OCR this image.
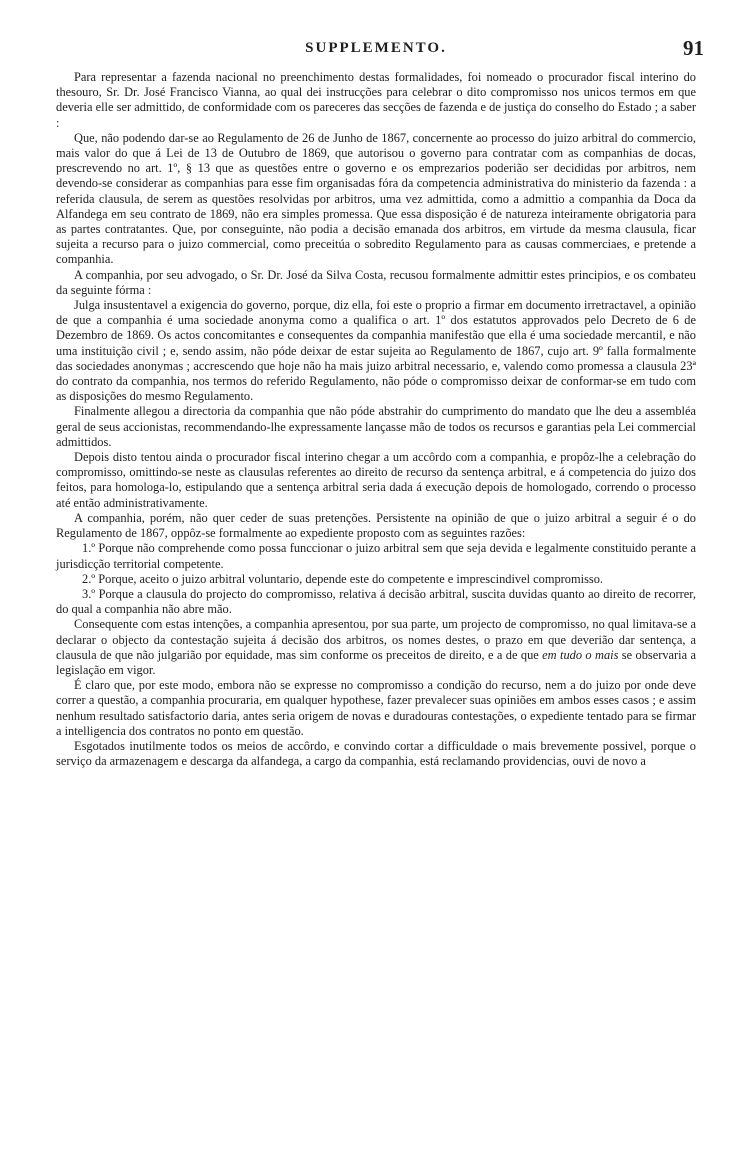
SUPPLEMENTO.	91

Para representar a fazenda nacional no preenchimento destas formalidades, foi nomeado o procurador fiscal interino do thesouro, Sr. Dr. José Francisco Vianna, ao qual dei instrucções para celebrar o dito compromisso nos unicos termos em que deveria elle ser admittido, de conformidade com os pareceres das secções de fazenda e de justiça do conselho do Estado ; a saber :

Que, não podendo dar-se ao Regulamento de 26 de Junho de 1867, concernente ao processo do juizo arbitral do commercio, mais valor do que á Lei de 13 de Outubro de 1869, que autorisou o governo para contratar com as companhias de docas, prescrevendo no art. 1º, § 13 que as questões entre o governo e os emprezarios poderião ser decididas por arbitros, nem devendo-se considerar as companhias para esse fim organisadas fóra da competencia administrativa do ministerio da fazenda : a referida clausula, de serem as questões resolvidas por arbitros, uma vez admittida, como a admittio a companhia da Doca da Alfandega em seu contrato de 1869, não era simples promessa. Que essa disposição é de natureza inteiramente obrigatoria para as partes contratantes. Que, por conseguinte, não podia a decisão emanada dos arbitros, em virtude da mesma clausula, ficar sujeita a recurso para o juizo commercial, como preceitúa o sobredito Regulamento para as causas commerciaes, e pretende a companhia.

A companhia, por seu advogado, o Sr. Dr. José da Silva Costa, recusou formalmente admittir estes principios, e os combateu da seguinte fórma :

Julga insustentavel a exigencia do governo, porque, diz ella, foi este o proprio a firmar em documento irretractavel, a opinião de que a companhia é uma sociedade anonyma como a qualifica o art. 1º dos estatutos approvados pelo Decreto de 6 de Dezembro de 1869. Os actos concomitantes e consequentes da companhia manifestão que ella é uma sociedade mercantil, e não uma instituição civil ; e, sendo assim, não póde deixar de estar sujeita ao Regulamento de 1867, cujo art. 9º falla formalmente das sociedades anonymas ; accrescendo que hoje não ha mais juizo arbitral necessario, e, valendo como promessa a clausula 23ª do contrato da companhia, nos termos do referido Regulamento, não póde o compromisso deixar de conformar-se em tudo com as disposições do mesmo Regulamento.

Finalmente allegou a directoria da companhia que não póde abstrahir do cumprimento do mandato que lhe deu a assembléa geral de seus accionistas, recommendando-lhe expressamente lançasse mão de todos os recursos e garantias pela Lei commercial admittidos.

Depois disto tentou ainda o procurador fiscal interino chegar a um accôrdo com a companhia, e propôz-lhe a celebração do compromisso, omittindo-se neste as clausulas referentes ao direito de recurso da sentença arbitral, e á competencia do juizo dos feitos, para homologa-lo, estipulando que a sentença arbitral seria dada á execução depois de homologado, correndo o processo até então administrativamente.

A companhia, porém, não quer ceder de suas pretenções. Persistente na opinião de que o juizo arbitral a seguir é o do Regulamento de 1867, oppôz-se formalmente ao expediente proposto com as seguintes razões:

1.º Porque não comprehende como possa funccionar o juizo arbitral sem que seja devida e legalmente constituido perante a jurisdicção territorial competente.

2.º Porque, aceito o juizo arbitral voluntario, depende este do competente e imprescindivel compromisso.

3.º Porque a clausula do projecto do compromisso, relativa á decisão arbitral, suscita duvidas quanto ao direito de recorrer, do qual a companhia não abre mão.

Consequente com estas intenções, a companhia apresentou, por sua parte, um projecto de compromisso, no qual limitava-se a declarar o objecto da contestação sujeita á decisão dos arbitros, os nomes destes, o prazo em que deverião dar sentença, a clausula de que não julgarião por equidade, mas sim conforme os preceitos de direito, e a de que em tudo o mais se observaria a legislação em vigor.

É claro que, por este modo, embora não se expresse no compromisso a condição do recurso, nem a do juizo por onde deve correr a questão, a companhia procuraria, em qualquer hypothese, fazer prevalecer suas opiniões em ambos esses casos ; e assim nenhum resultado satisfactorio daria, antes seria origem de novas e duradouras contestações, o expediente tentado para se firmar a intelligencia dos contratos no ponto em questão.

Esgotados inutilmente todos os meios de accôrdo, e convindo cortar a difficuldade o mais brevemente possivel, porque o serviço da armazenagem e descarga da alfandega, a cargo da companhia, está reclamando providencias, ouvi de novo a
